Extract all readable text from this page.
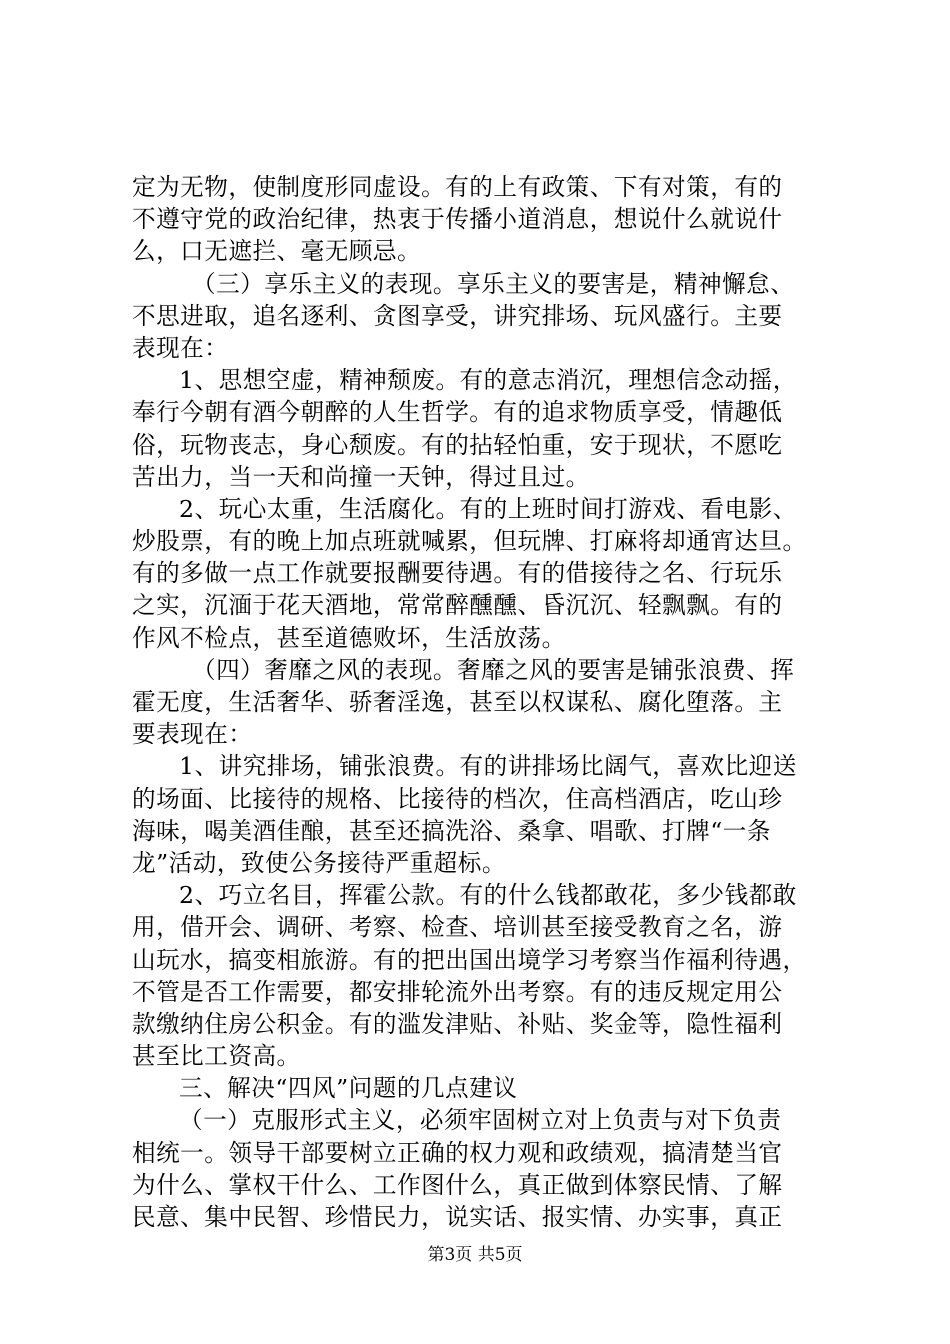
定为无物，使制度形同虚设。有的上有政策、下有对策，有的
不遵守党的政治纪律，热衷于传播小道消息，想说什么就说什
么，口无遮拦、毫无顾忌。
（三）享乐主义的表现。享乐主义的要害是，精神懈怠、
不思进取，追名逐利、贪图享受，讲究排场、玩风盛行。主要
表现在：
1、思想空虚，精神颓废。有的意志消沉，理想信念动摇，
奉行今朝有酒今朝醉的人生哲学。有的追求物质享受，情趣低
俗，玩物丧志，身心颓废。有的拈轻怕重，安于现状，不愿吃
苦出力，当一天和尚撞一天钟，得过且过。
2、玩心太重，生活腐化。有的上班时间打游戏、看电影、
炒股票，有的晚上加点班就喊累，但玩牌、打麻将却通宵达旦。
有的多做一点工作就要报酬要待遇。有的借接待之名、行玩乐
之实，沉湎于花天酒地，常常醉醺醺、昏沉沉、轻飘飘。有的
作风不检点，甚至道德败坏，生活放荡。
（四）奢靡之风的表现。奢靡之风的要害是铺张浪费、挥
霍无度，生活奢华、骄奢淫逸，甚至以权谋私、腐化堕落。主
要表现在：
1、讲究排场，铺张浪费。有的讲排场比阔气，喜欢比迎送
的场面、比接待的规格、比接待的档次，住高档酒店，吃山珍
海味，喝美酒佳酿，甚至还搞洗浴、桑拿、唱歌、打牌“一条
龙”活动，致使公务接待严重超标。
2、巧立名目，挥霍公款。有的什么钱都敢花，多少钱都敢
用，借开会、调研、考察、检查、培训甚至接受教育之名，游
山玩水，搞变相旅游。有的把出国出境学习考察当作福利待遇，
不管是否工作需要，都安排轮流外出考察。有的违反规定用公
款缴纳住房公积金。有的滥发津贴、补贴、奖金等，隐性福利
甚至比工资高。
三、解决“四风”问题的几点建议
（一）克服形式主义，必须牢固树立对上负责与对下负责
相统一。领导干部要树立正确的权力观和政绩观，搞清楚当官
为什么、掌权干什么、工作图什么，真正做到体察民情、了解
民意、集中民智、珍惜民力，说实话、报实情、办实事，真正
第3页 共5页
